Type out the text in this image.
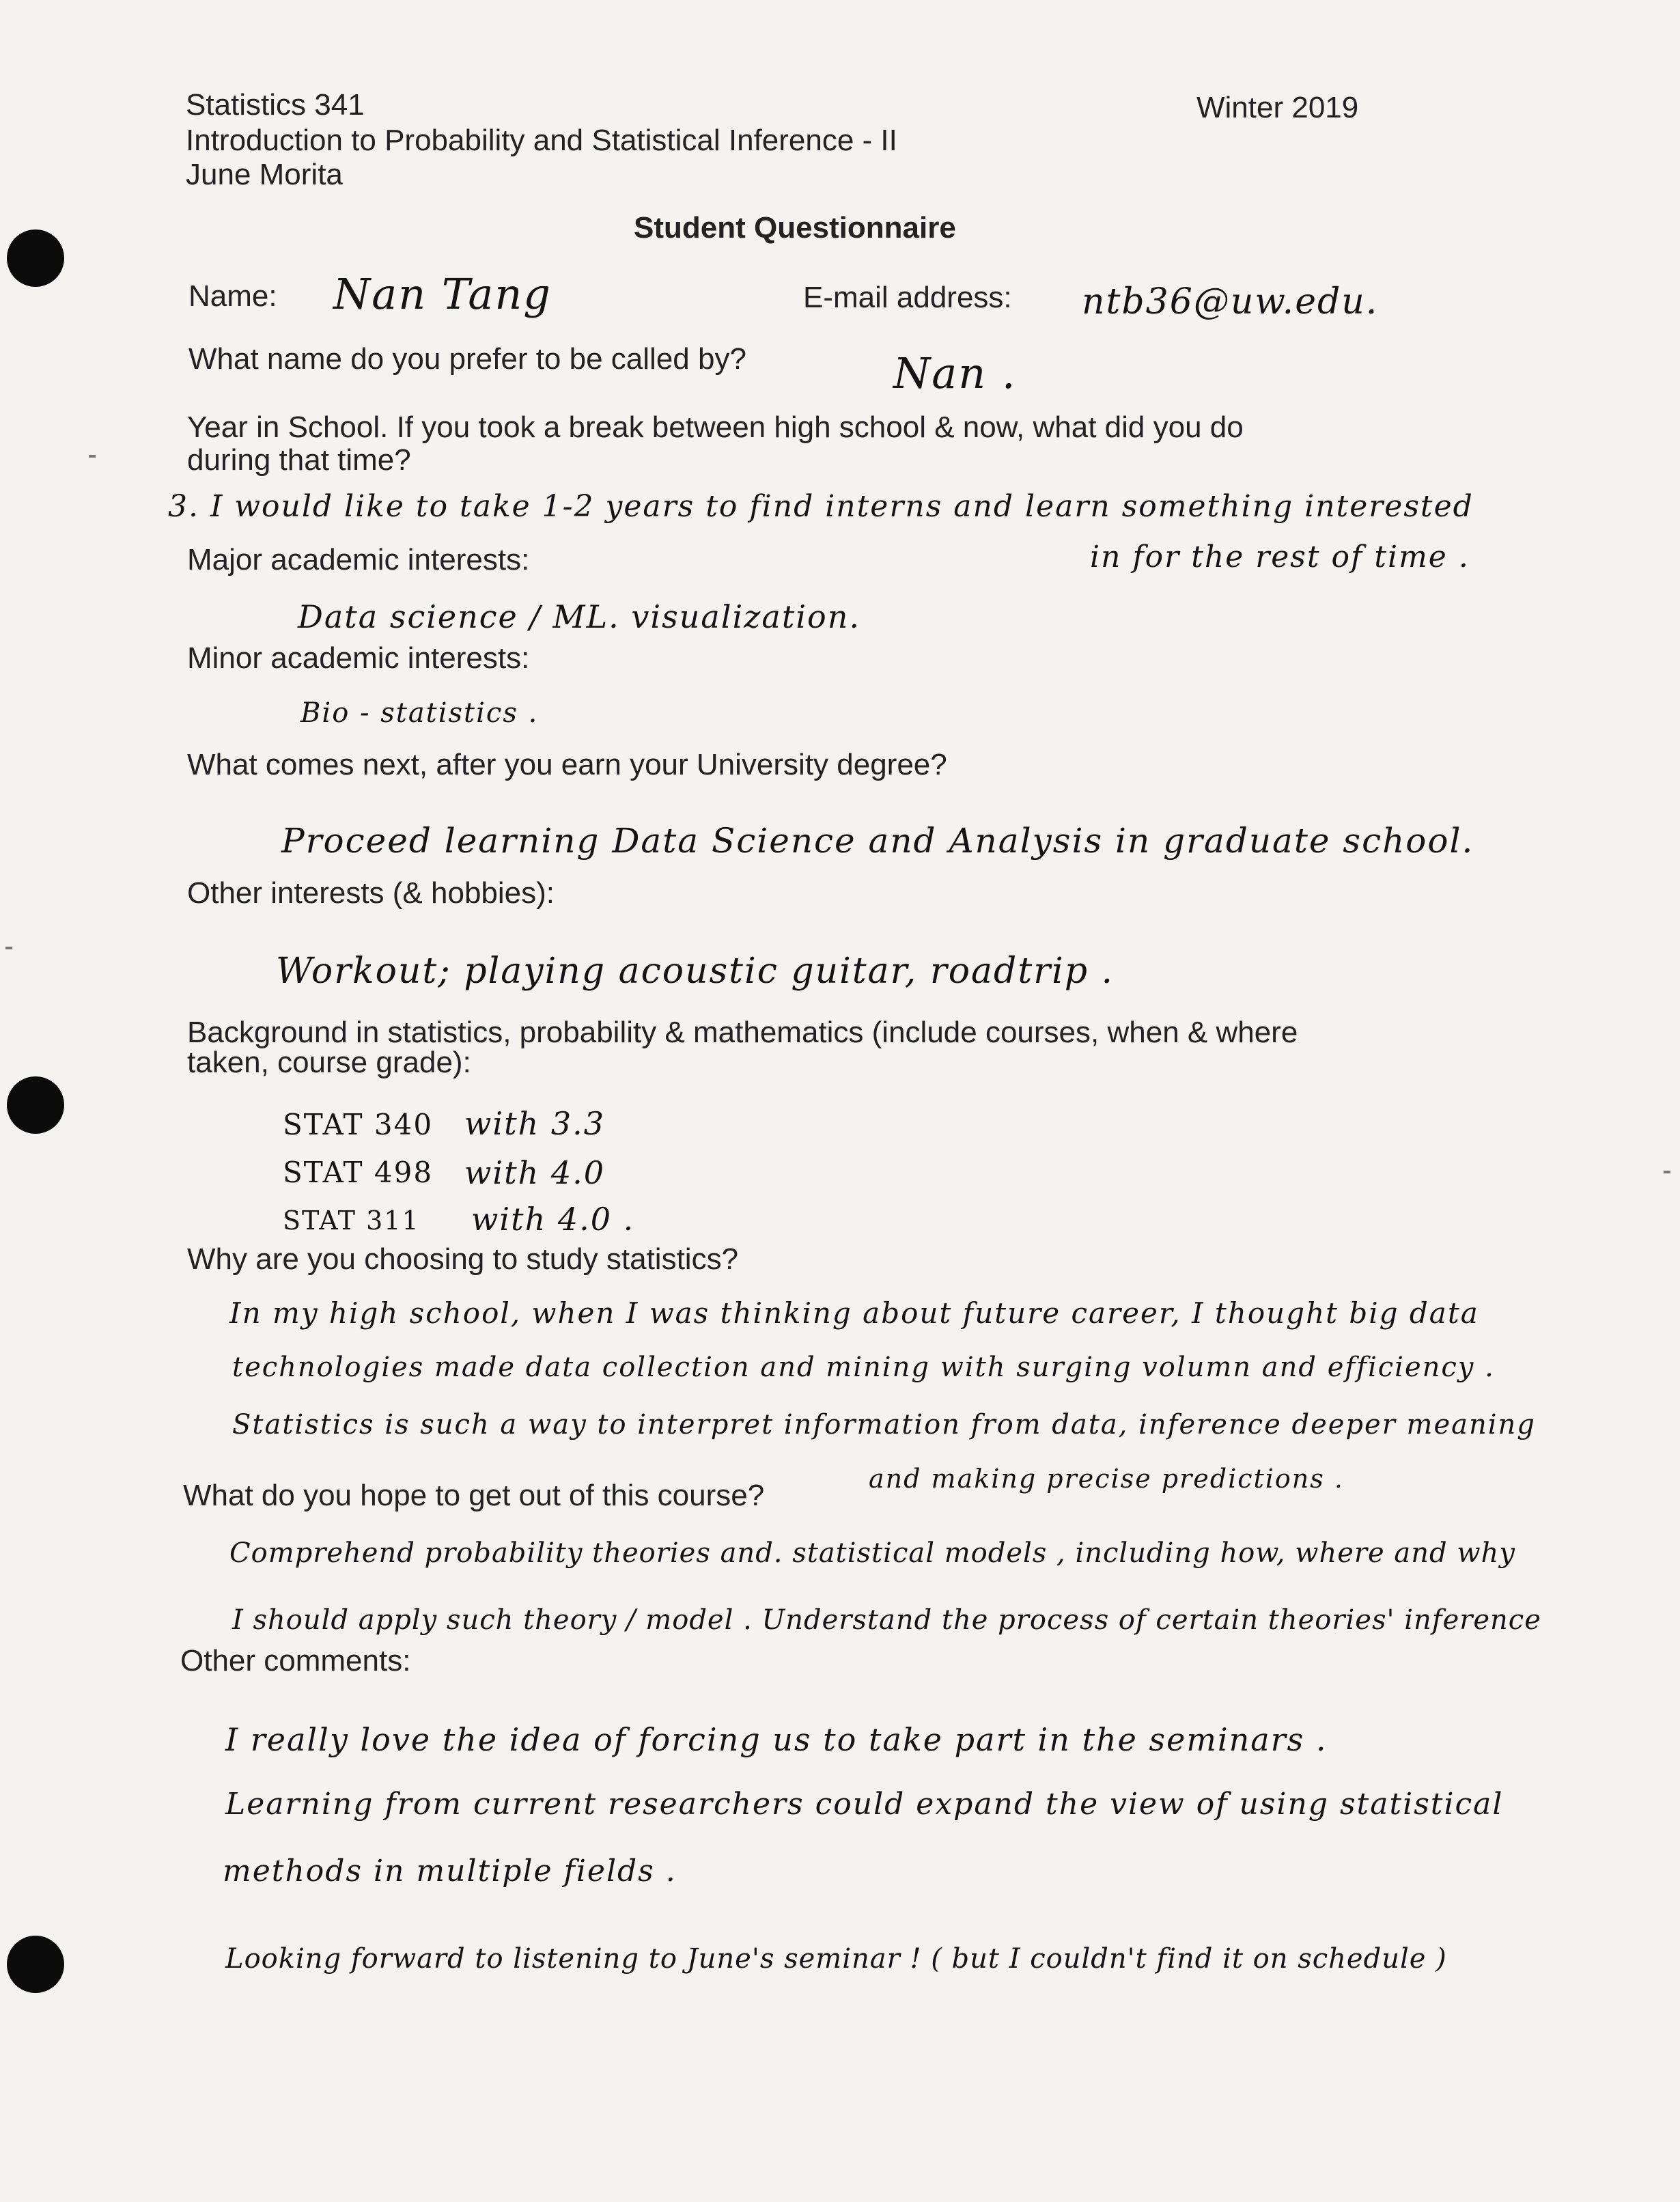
Statistics 341
Introduction to Probability and Statistical Inference - II
June Morita
Winter 2019
Student Questionnaire
Name: Nan Tang	E-mail address: ntb36@uw.edu.
What name do you prefer to be called by?	Nan .
Year in School. If you took a break between high school & now, what did you do
during that time?
3. I would like to take 1-2 years to find interns and learn something interested
in for the rest of time .
Major academic interests:
Data science / ML. visualization.
Minor academic interests:
Bio - statistics .
What comes next, after you earn your University degree?
Proceed learning Data Science and Analysis in graduate school.
Other interests (& hobbies):
Workout; playing acoustic guitar, roadtrip .
Background in statistics, probability & mathematics (include courses, when & where
taken, course grade):
STAT 340 with 3.3
STAT 498 with 4.0
STAT 311 with 4.0 .
Why are you choosing to study statistics?
In my high school, when I was thinking about future career, I thought big data
technologies made data collection and mining with surging volumn and efficiency .
Statistics is such a way to interpret information from data, inference deeper meaning
and making precise predictions .
What do you hope to get out of this course?
Comprehend probability theories and. statistical models , including how, where and why
I should apply such theory / model . Understand the process of certain theories' inference
Other comments:
I really love the idea of forcing us to take part in the seminars .
Learning from current researchers could expand the view of using statistical
methods in multiple fields .
Looking forward to listening to June's seminar ! ( but I couldn't find it on schedule )
